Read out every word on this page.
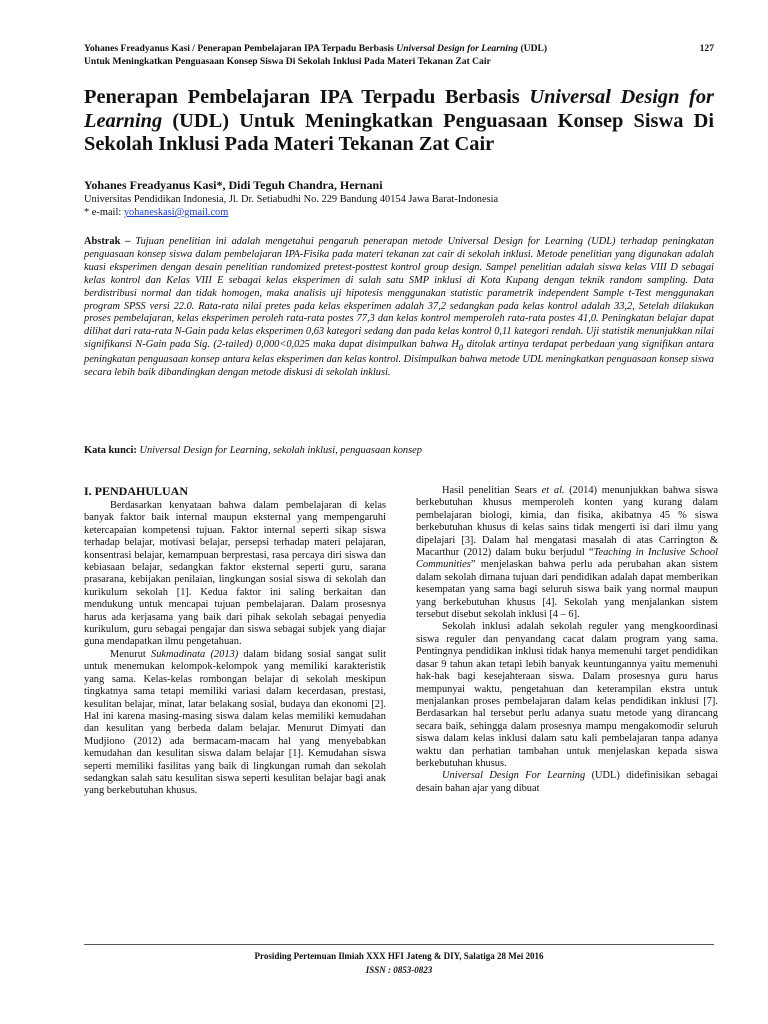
Yohanes Freadyanus Kasi / Penerapan Pembelajaran IPA Terpadu Berbasis Universal Design for Learning (UDL)	127
Untuk Meningkatkan Penguasaan Konsep Siswa Di Sekolah Inklusi Pada Materi Tekanan Zat Cair
Penerapan Pembelajaran IPA Terpadu Berbasis Universal Design for Learning (UDL) Untuk Meningkatkan Penguasaan Konsep Siswa Di Sekolah Inklusi Pada Materi Tekanan Zat Cair
Yohanes Freadyanus Kasi*, Didi Teguh Chandra, Hernani
Universitas Pendidikan Indonesia, Jl. Dr. Setiabudhi No. 229 Bandung 40154 Jawa Barat-Indonesia
* e-mail: yohaneskasi@gmail.com
Abstrak – Tujuan penelitian ini adalah mengetahui pengaruh penerapan metode Universal Design for Learning (UDL) terhadap peningkatan penguasaan konsep siswa dalam pembelajaran IPA-Fisika pada materi tekanan zat cair di sekolah inklusi. Metode penelitian yang digunakan adalah kuasi eksperimen dengan desain penelitian randomized pretest-posttest kontrol group design. Sampel penelitian adalah siswa kelas VIII D sebagai kelas kontrol dan Kelas VIII E sebagai kelas eksperimen di salah satu SMP inklusi di Kota Kupang dengan teknik random sampling. Data berdistribusi normal dan tidak homogen, maka analisis uji hipotesis menggunakan statistic parametrik independent Sample t-Test menggunakan program SPSS versi 22.0. Rata-rata nilai pretes pada kelas eksperimen adalah 37,2 sedangkan pada kelas kontrol adalah 33,2, Setelah dilakukan proses pembelajaran, kelas eksperimen peroleh rata-rata postes 77,3 dan kelas kontrol memperoleh rata-rata postes 41,0. Peningkatan belajar dapat dilihat dari rata-rata N-Gain pada kelas eksperimen 0,63 kategori sedang dan pada kelas kontrol 0,11 kategori rendah. Uji statistik menunjukkan nilai signifikansi N-Gain pada Sig. (2-tailed) 0,000<0,025 maka dapat disimpulkan bahwa $H_0$ ditolak artinya terdapat perbedaan yang signifikan antara peningkatan penguasaan konsep antara kelas eksperimen dan kelas kontrol. Disimpulkan bahwa metode UDL meningkatkan penguasaan konsep siswa secara lebih baik dibandingkan dengan metode diskusi di sekolah inklusi.
Kata kunci: Universal Design for Learning, sekolah inklusi, penguasaan konsep
I. PENDAHULUAN

Berdasarkan kenyataan bahwa dalam pembelajaran di kelas banyak faktor baik internal maupun eksternal yang mempengaruhi ketercapaian kompetensi tujuan. Faktor internal seperti sikap siswa terhadap belajar, motivasi belajar, persepsi terhadap materi pelajaran, konsentrasi belajar, kemampuan berprestasi, rasa percaya diri siswa dan kebiasaan belajar, sedangkan faktor eksternal seperti guru, sarana prasarana, kebijakan penilaian, lingkungan sosial siswa di sekolah dan kurikulum sekolah [1]. Kedua faktor ini saling berkaitan dan mendukung untuk mencapai tujuan pembelajaran. Dalam prosesnya harus ada kerjasama yang baik dari pihak sekolah sebagai penyedia kurikulum, guru sebagai pengajar dan siswa sebagai subjek yang diajar guna mendapatkan ilmu pengetahuan.

Menurut Sukmadinata (2013) dalam bidang sosial sangat sulit untuk menemukan kelompok-kelompok yang memiliki karakteristik yang sama. Kelas-kelas rombongan belajar di sekolah meskipun tingkatnya sama tetapi memiliki variasi dalam kecerdasan, prestasi, kesulitan belajar, minat, latar belakang sosial, budaya dan ekonomi [2]. Hal ini karena masing-masing siswa dalam kelas memiliki kemudahan dan kesulitan yang berbeda dalam belajar. Menurut Dimyati dan Mudjiono (2012) ada bermacam-macam hal yang menyebabkan kemudahan dan kesulitan siswa dalam belajar [1]. Kemudahan siswa seperti memiliki fasilitas yang baik di lingkungan rumah dan sekolah sedangkan salah satu kesulitan siswa seperti kesulitan belajar bagi anak yang berkebutuhan khusus.

Hasil penelitian Sears et al. (2014) menunjukkan bahwa siswa berkebutuhan khusus memperoleh konten yang kurang dalam pembelajaran biologi, kimia, dan fisika, akibatnya 45 % siswa berkebutuhan khusus di kelas sains tidak mengerti isi dari ilmu yang dipelajari [3]. Dalam hal mengatasi masalah di atas Carrington & Macarthur (2012) dalam buku berjudul “Teaching in Inclusive School Communities” menjelaskan bahwa perlu ada perubahan akan sistem dalam sekolah dimana tujuan dari pendidikan adalah dapat memberikan kesempatan yang sama bagi seluruh siswa baik yang normal maupun yang berkebutuhan khusus [4]. Sekolah yang menjalankan sistem tersebut disebut sekolah inklusi [4 – 6].

Sekolah inklusi adalah sekolah reguler yang mengkoordinasi siswa reguler dan penyandang cacat dalam program yang sama. Pentingnya pendidikan inklusi tidak hanya memenuhi target pendidikan dasar 9 tahun akan tetapi lebih banyak keuntungannya yaitu memenuhi hak-hak bagi kesejahteraan siswa. Dalam prosesnya guru harus mempunyai waktu, pengetahuan dan keterampilan ekstra untuk menjalankan proses pembelajaran dalam kelas pendidikan inklusi [7]. Berdasarkan hal tersebut perlu adanya suatu metode yang dirancang secara baik, sehingga dalam prosesnya mampu mengakomodir seluruh siswa dalam kelas inklusi dalam satu kali pembelajaran tanpa adanya waktu dan perhatian tambahan untuk menjelaskan kepada siswa berkebutuhan khusus.

Universal Design For Learning (UDL) didefinisikan sebagai desain bahan ajar yang dibuat

Prosiding Pertemuan Ilmiah XXX HFI Jateng & DIY, Salatiga 28 Mei 2016
ISSN : 0853-0823
